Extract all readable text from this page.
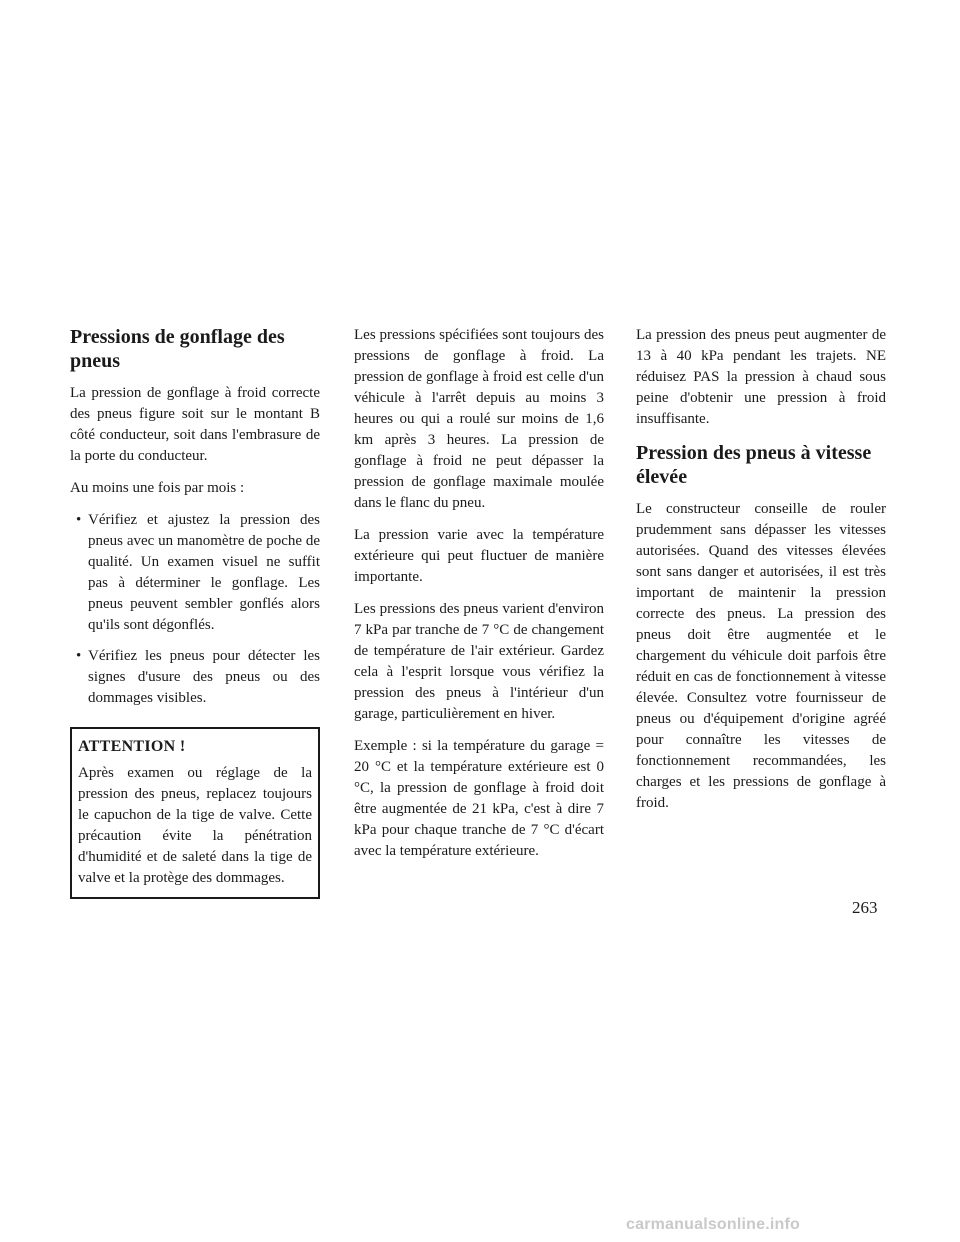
Pressions de gonflage des pneus

La pression de gonflage à froid correcte des pneus figure soit sur le montant B côté conducteur, soit dans l'embrasure de la porte du conducteur.

Au moins une fois par mois :

• Vérifiez et ajustez la pression des pneus avec un manomètre de poche de qualité. Un examen visuel ne suffit pas à déterminer le gonflage. Les pneus peuvent sembler gonflés alors qu'ils sont dégonflés.
• Vérifiez les pneus pour détecter les signes d'usure des pneus ou des dommages visibles.
ATTENTION !

Après examen ou réglage de la pression des pneus, replacez toujours le capuchon de la tige de valve. Cette précaution évite la pénétration d'humidité et de saleté dans la tige de valve et la protège des dommages.

Les pressions spécifiées sont toujours des pressions de gonflage à froid. La pression de gonflage à froid est celle d'un véhicule à l'arrêt depuis au moins 3 heures ou qui a roulé sur moins de 1,6 km après 3 heures. La pression de gonflage à froid ne peut dépasser la pression de gonflage maximale moulée dans le flanc du pneu.

La pression varie avec la température extérieure qui peut fluctuer de manière importante.

Les pressions des pneus varient d'environ 7 kPa par tranche de 7 °C de changement de température de l'air extérieur. Gardez cela à l'esprit lorsque vous vérifiez la pression des pneus à l'intérieur d'un garage, particulièrement en hiver.

Exemple : si la température du garage = 20 °C et la température extérieure est 0 °C, la pression de gonflage à froid doit être augmentée de 21 kPa, c'est à dire 7 kPa pour chaque tranche de 7 °C d'écart avec la température extérieure.

La pression des pneus peut augmenter de 13 à 40 kPa pendant les trajets. NE réduisez PAS la pression à chaud sous peine d'obtenir une pression à froid insuffisante.

Pression des pneus à vitesse élevée

Le constructeur conseille de rouler prudemment sans dépasser les vitesses autorisées. Quand des vitesses élevées sont sans danger et autorisées, il est très important de maintenir la pression correcte des pneus. La pression des pneus doit être augmentée et le chargement du véhicule doit parfois être réduit en cas de fonctionnement à vitesse élevée. Consultez votre fournisseur de pneus ou d'équipement d'origine agréé pour connaître les vitesses de fonctionnement recommandées, les charges et les pressions de gonflage à froid.

263
carmanualsonline.info
